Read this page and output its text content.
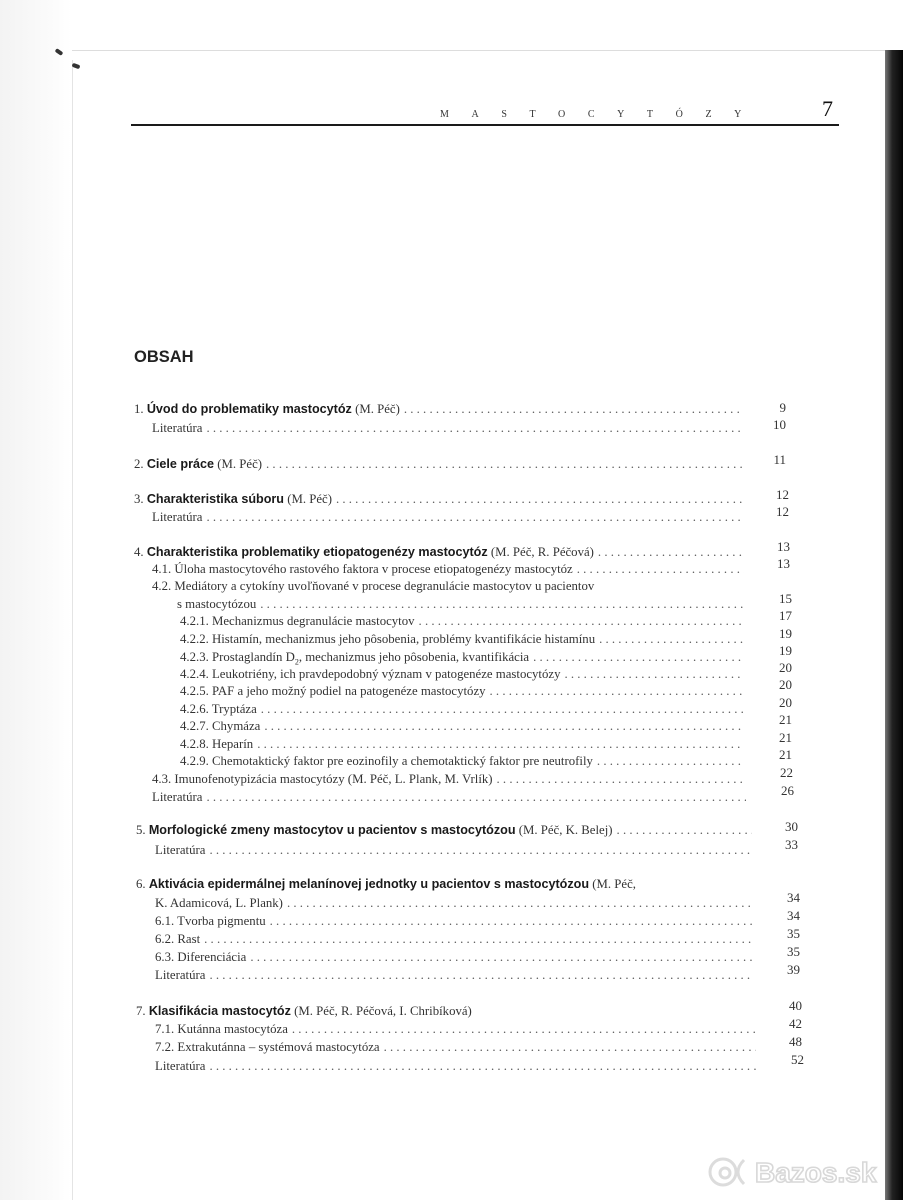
MASTOCYTÓZY	7
OBSAH
1. Úvod do problematiky mastocytóz (M. Péč) . . .	9
Literatúra . . .	10
2. Ciele práce (M. Péč) . . .	11
3. Charakteristika súboru (M. Péč) . . .	12
Literatúra . . .	12
4. Charakteristika problematiky etiopatogenézy mastocytóz (M. Péč, R. Péčová) . . .	13
4.1. Úloha mastocytového rastového faktora v procese etiopatogenézy mastocytóz . . .	13
4.2. Mediátory a cytokíny uvoľňované v procese degranulácie mastocytov u pacientov
s mastocytózou . . .	15
4.2.1. Mechanizmus degranulácie mastocytov . . .	17
4.2.2. Histamín, mechanizmus jeho pôsobenia, problémy kvantifikácie histamínu . . .	19
4.2.3. Prostaglandín $D_2$, mechanizmus jeho pôsobenia, kvantifikácia . . .	19
4.2.4. Leukotriény, ich pravdepodobný význam v patogenéze mastocytózy . . .	20
4.2.5. PAF a jeho možný podiel na patogenéze mastocytózy . . .	20
4.2.6. Tryptáza . . .	20
4.2.7. Chymáza . . .	21
4.2.8. Heparín . . .	21
4.2.9. Chemotaktický faktor pre eozinofily a chemotaktický faktor pre neutrofily . . .	21
4.3. Imunofenotypizácia mastocytózy (M. Péč, L. Plank, M. Vrlík) . . .	22
Literatúra . . .	26
5. Morfologické zmeny mastocytov u pacientov s mastocytózou (M. Péč, K. Belej) . . .	30
Literatúra . . .	33
6. Aktivácia epidermálnej melanínovej jednotky u pacientov s mastocytózou (M. Péč,
K. Adamicová, L. Plank) . . .	34
6.1. Tvorba pigmentu . . .	34
6.2. Rast . . .	35
6.3. Diferenciácia . . .	35
Literatúra . . .	39
7. Klasifikácia mastocytóz (M. Péč, R. Péčová, I. Chribíková)	40
7.1. Kutánna mastocytóza . . .	42
7.2. Extrakutánna – systémová mastocytóza . . .	48
Literatúra . . .	52
Bazos.sk
